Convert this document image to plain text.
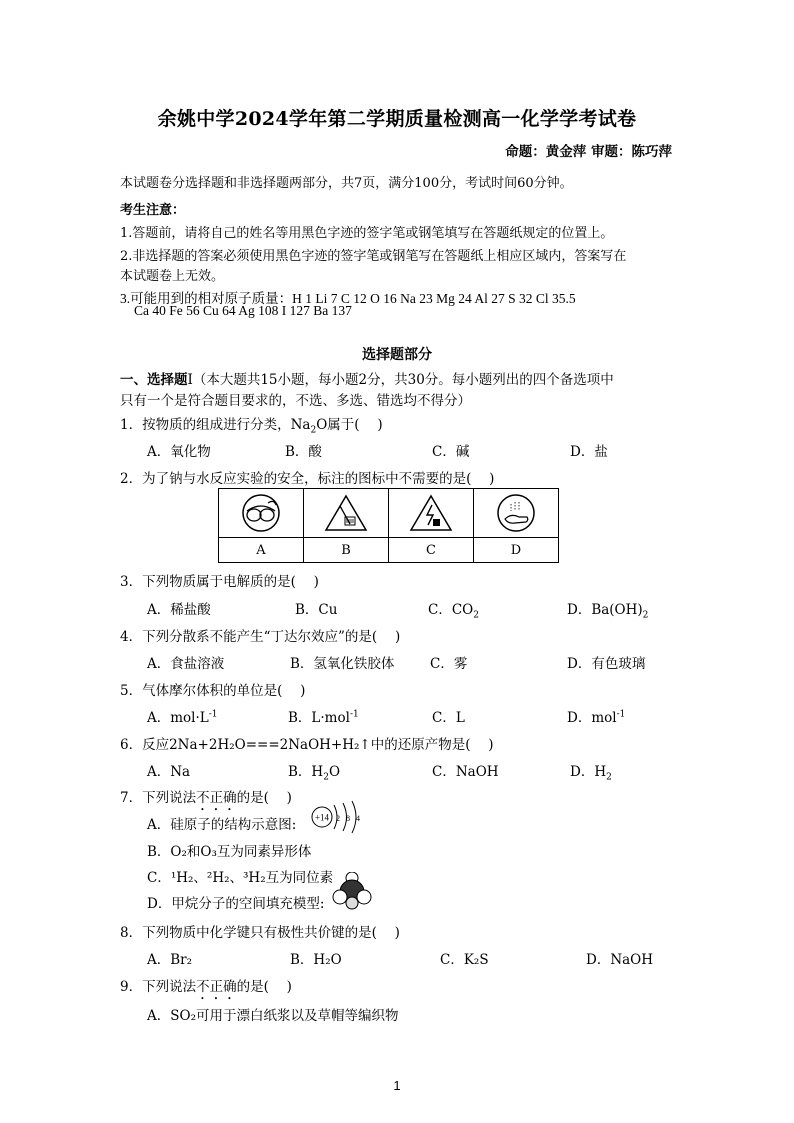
余姚中学2024学年第二学期质量检测高一化学学考试卷
命题：黄金萍 审题：陈巧萍
本试题卷分选择题和非选择题两部分，共7页，满分100分，考试时间60分钟。
考生注意：
1.答题前，请将自己的姓名等用黑色字迹的签字笔或钢笔填写在答题纸规定的位置上。
2.非选择题的答案必须使用黑色字迹的签字笔或钢笔写在答题纸上相应区域内，答案写在
本试题卷上无效。
3.可能用到的相对原子质量：H 1 Li 7 C 12 O 16 Na 23 Mg 24 Al 27 S 32 Cl 35.5
Ca 40 Fe 56 Cu 64 Ag 108 I 127 Ba 137
选择题部分
一、选择题Ⅰ（本大题共15小题，每小题2分，共30分。每小题列出的四个备选项中
只有一个是符合题目要求的，不选、多选、错选均不得分）
1．按物质的组成进行分类，$Na_2O$属于(　 )
A．氧化物	B．酸	C．碱	D．盐
2．为了钠与水反应实验的安全，标注的图标中不需要的是(　 )

A	B	C	D
3．下列物质属于电解质的是(　 )
A．稀盐酸	B．Cu	C．$CO_2$	D．$Ba(OH)_2$
4．下列分散系不能产生“丁达尔效应”的是(　 )
A．食盐溶液	B．氢氧化铁胶体	C．雾	D．有色玻璃
5．气体摩尔体积的单位是(　 )
A．$mol\cdot L^{-1}$	B．L·mol$^{-1}$	C．L	D．mol$^{-1}$
6．反应2Na+2H₂O===2NaOH+H₂↑中的还原产物是(　 )
A．Na	B．$H_2O$	C．NaOH	D．$H_2$
7．下列说法不正确的是(　 )
A．硅原子的结构示意图: +14 2 8 4
B．O₂和O₃互为同素异形体
C．¹H₂、²H₂、³H₂互为同位素
D．甲烷分子的空间填充模型:
8．下列物质中化学键只有极性共价键的是(　 )
A．Br₂	B．H₂O	C．K₂S	D．NaOH
9．下列说法不正确的是(　 )
A．SO₂可用于漂白纸浆以及草帽等编织物
1
